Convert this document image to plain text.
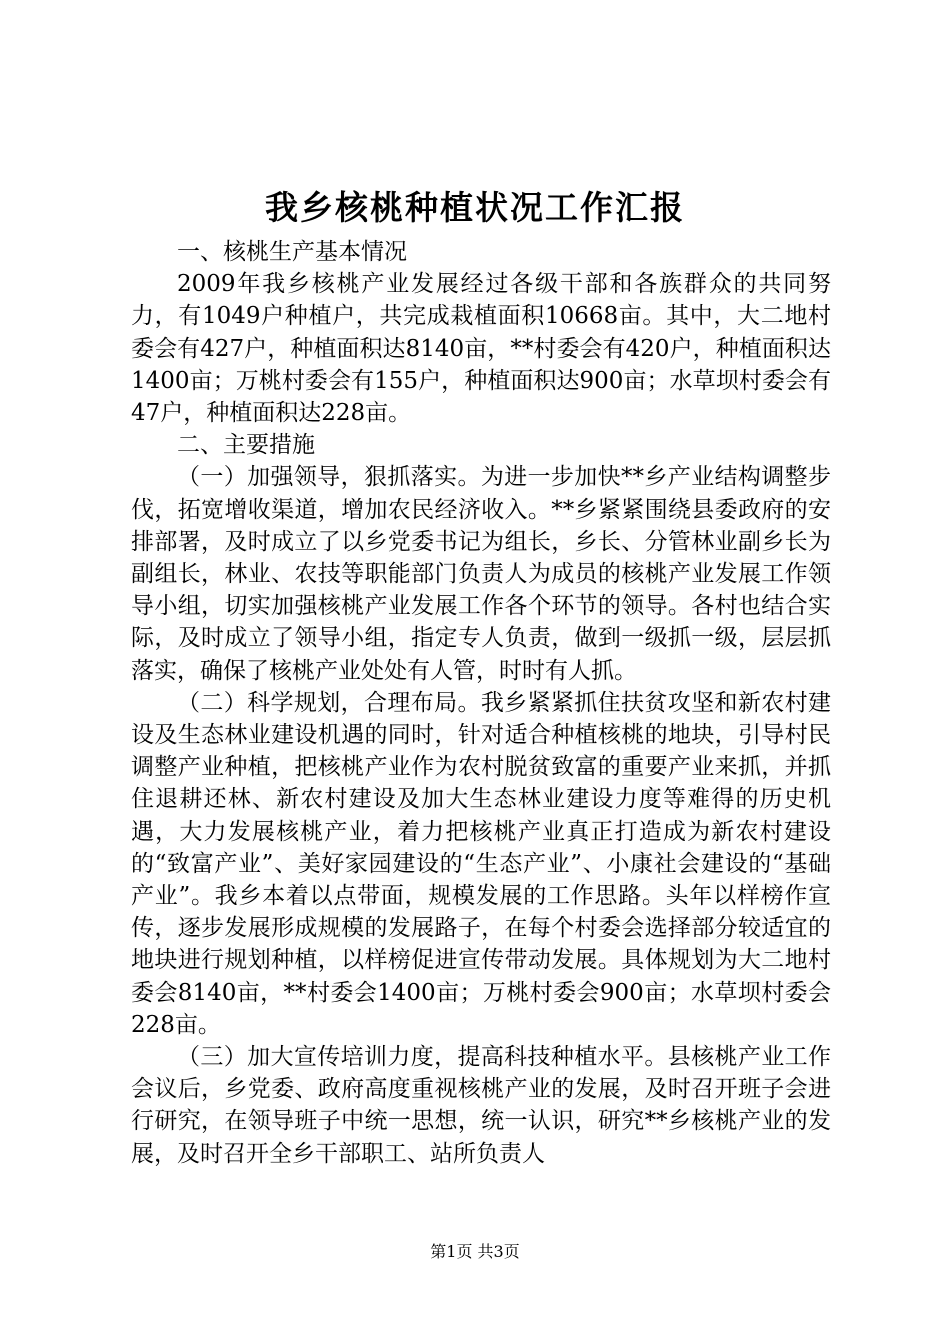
我乡核桃种植状况工作汇报

一、核桃生产基本情况

2009年我乡核桃产业发展经过各级干部和各族群众的共同努力，有1049户种植户，共完成栽植面积10668亩。其中，大二地村委会有427户，种植面积达8140亩，**村委会有420户，种植面积达1400亩；万桃村委会有155户，种植面积达900亩；水草坝村委会有47户，种植面积达228亩。

二、主要措施

（一）加强领导，狠抓落实。为进一步加快**乡产业结构调整步伐，拓宽增收渠道，增加农民经济收入。**乡紧紧围绕县委政府的安排部署，及时成立了以乡党委书记为组长，乡长、分管林业副乡长为副组长，林业、农技等职能部门负责人为成员的核桃产业发展工作领导小组，切实加强核桃产业发展工作各个环节的领导。各村也结合实际，及时成立了领导小组，指定专人负责，做到一级抓一级，层层抓落实，确保了核桃产业处处有人管，时时有人抓。

（二）科学规划，合理布局。我乡紧紧抓住扶贫攻坚和新农村建设及生态林业建设机遇的同时，针对适合种植核桃的地块，引导村民调整产业种植，把核桃产业作为农村脱贫致富的重要产业来抓，并抓住退耕还林、新农村建设及加大生态林业建设力度等难得的历史机遇，大力发展核桃产业，着力把核桃产业真正打造成为新农村建设的“致富产业”、美好家园建设的“生态产业”、小康社会建设的“基础产业”。我乡本着以点带面，规模发展的工作思路。头年以样榜作宣传，逐步发展形成规模的发展路子，在每个村委会选择部分较适宜的地块进行规划种植，以样榜促进宣传带动发展。具体规划为大二地村委会8140亩，**村委会1400亩；万桃村委会900亩；水草坝村委会228亩。

（三）加大宣传培训力度，提高科技种植水平。县核桃产业工作会议后，乡党委、政府高度重视核桃产业的发展，及时召开班子会进行研究，在领导班子中统一思想，统一认识，研究**乡核桃产业的发展，及时召开全乡干部职工、站所负责人

第1页 共3页
